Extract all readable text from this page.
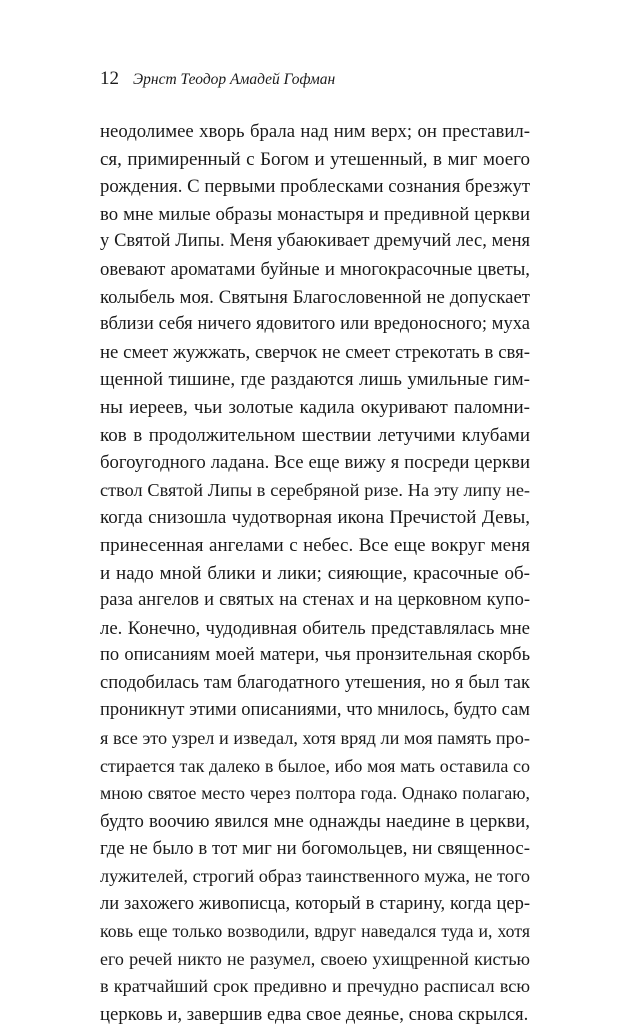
12 Эрнст Теодор Амадей Гофман
неодолимее хворь брала над ним верх; он преставил-
ся, примиренный с Богом и утешенный, в миг моего
рождения. С первыми проблесками сознания брезжут
во мне милые образы монастыря и предивной церкви
у Святой Липы. Меня убаюкивает дремучий лес, меня
овевают ароматами буйные и многокрасочные цветы,
колыбель моя. Святыня Благословенной не допускает
вблизи себя ничего ядовитого или вредоносного; муха
не смеет жужжать, сверчок не смеет стрекотать в свя-
щенной тишине, где раздаются лишь умильные гим-
ны иереев, чьи золотые кадила окуривают паломни-
ков в продолжительном шествии летучими клубами
богоугодного ладана. Все еще вижу я посреди церкви
ствол Святой Липы в серебряной ризе. На эту липу не-
когда снизошла чудотворная икона Пречистой Девы,
принесенная ангелами с небес. Все еще вокруг меня
и надо мной блики и лики; сияющие, красочные об-
раза ангелов и святых на стенах и на церковном купо-
ле. Конечно, чудодивная обитель представлялась мне
по описаниям моей матери, чья пронзительная скорбь
сподобилась там благодатного утешения, но я был так
проникнут этими описаниями, что мнилось, будто сам
я все это узрел и изведал, хотя вряд ли моя память про-
стирается так далеко в былое, ибо моя мать оставила со
мною святое место через полтора года. Однако полагаю,
будто воочию явился мне однажды наедине в церкви,
где не было в тот миг ни богомольцев, ни священнос-
лужителей, строгий образ таинственного мужа, не того
ли захожего живописца, который в старину, когда цер-
ковь еще только возводили, вдруг наведался туда и, хотя
его речей никто не разумел, своею ухищренной кистью
в кратчайший срок предивно и пречудно расписал всю
церковь и, завершив едва свое деянье, снова скрылся.
